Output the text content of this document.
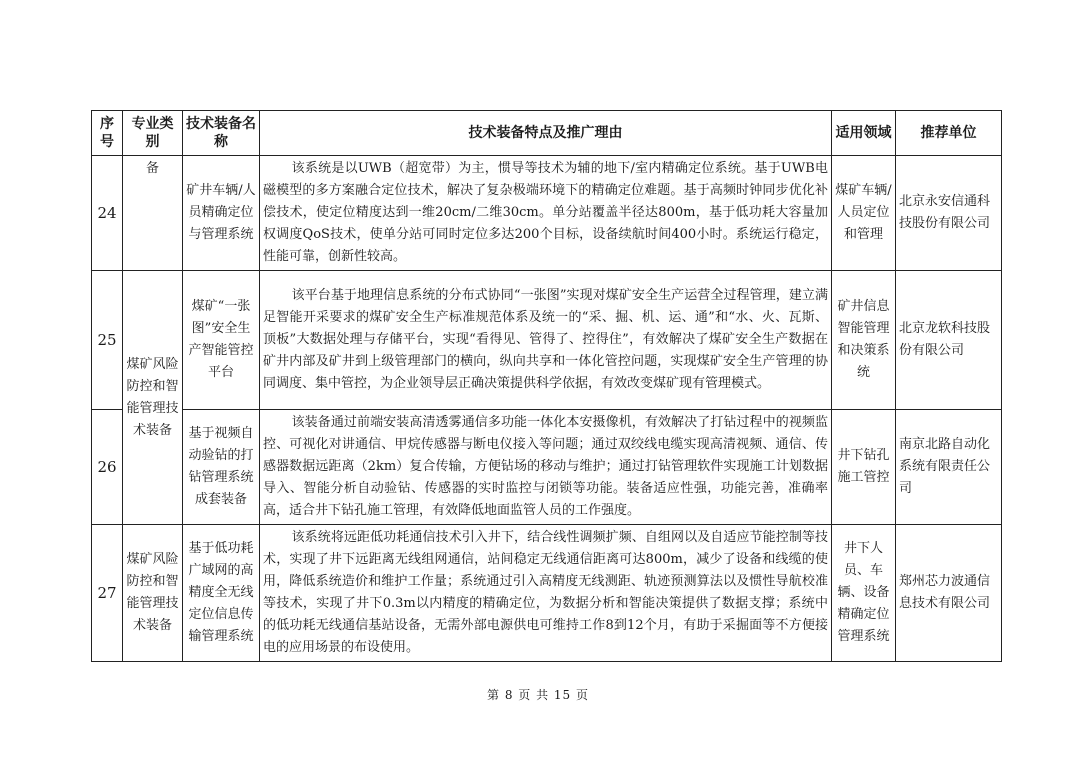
序号	专业类别	技术装备名称	技术装备特点及推广理由	适用领域	推荐单位
24	备	矿井车辆/人员精确定位与管理系统	该系统是以UWB（超宽带）为主，惯导等技术为辅的地下/室内精确定位系统。基于UWB电磁模型的多方案融合定位技术，解决了复杂极端环境下的精确定位难题。基于高频时钟同步优化补偿技术，使定位精度达到一维20cm/二维30cm。单分站覆盖半径达800m，基于低功耗大容量加权调度QoS技术，使单分站可同时定位多达200个目标，设备续航时间400小时。系统运行稳定，性能可靠，创新性较高。	煤矿车辆/人员定位和管理	北京永安信通科技股份有限公司
25	煤矿风险防控和智能管理技术装备	煤矿“一张图”安全生产智能管控平台	该平台基于地理信息系统的分布式协同“一张图”实现对煤矿安全生产运营全过程管理，建立满足智能开采要求的煤矿安全生产标准规范体系及统一的“采、掘、机、运、通”和“水、火、瓦斯、顶板”大数据处理与存储平台，实现“看得见、管得了、控得住”，有效解决了煤矿安全生产数据在矿井内部及矿井到上级管理部门的横向，纵向共享和一体化管控问题，实现煤矿安全生产管理的协同调度、集中管控，为企业领导层正确决策提供科学依据，有效改变煤矿现有管理模式。	矿井信息智能管理和决策系统	北京龙软科技股份有限公司
26		基于视频自动验钻的打钻管理系统成套装备	该装备通过前端安装高清透雾通信多功能一体化本安摄像机，有效解决了打钻过程中的视频监控、可视化对讲通信、甲烷传感器与断电仪接入等问题；通过双绞线电缆实现高清视频、通信、传感器数据远距离（2km）复合传输，方便钻场的移动与维护；通过打钻管理软件实现施工计划数据导入、智能分析自动验钻、传感器的实时监控与闭锁等功能。装备适应性强，功能完善，准确率高，适合井下钻孔施工管理，有效降低地面监管人员的工作强度。	井下钻孔施工管控	南京北路自动化系统有限责任公司
27	煤矿风险防控和智能管理技术装备	基于低功耗广域网的高精度全无线定位信息传输管理系统	该系统将远距低功耗通信技术引入井下，结合线性调频扩频、自组网以及自适应节能控制等技术，实现了井下远距离无线组网通信，站间稳定无线通信距离可达800m，减少了设备和线缆的使用，降低系统造价和维护工作量；系统通过引入高精度无线测距、轨迹预测算法以及惯性导航校准等技术，实现了井下0.3m以内精度的精确定位，为数据分析和智能决策提供了数据支撑；系统中的低功耗无线通信基站设备，无需外部电源供电可维持工作8到12个月，有助于采掘面等不方便接电的应用场景的布设使用。	井下人员、车辆、设备精确定位管理系统	郑州芯力波通信息技术有限公司
第 8 页 共 15 页
